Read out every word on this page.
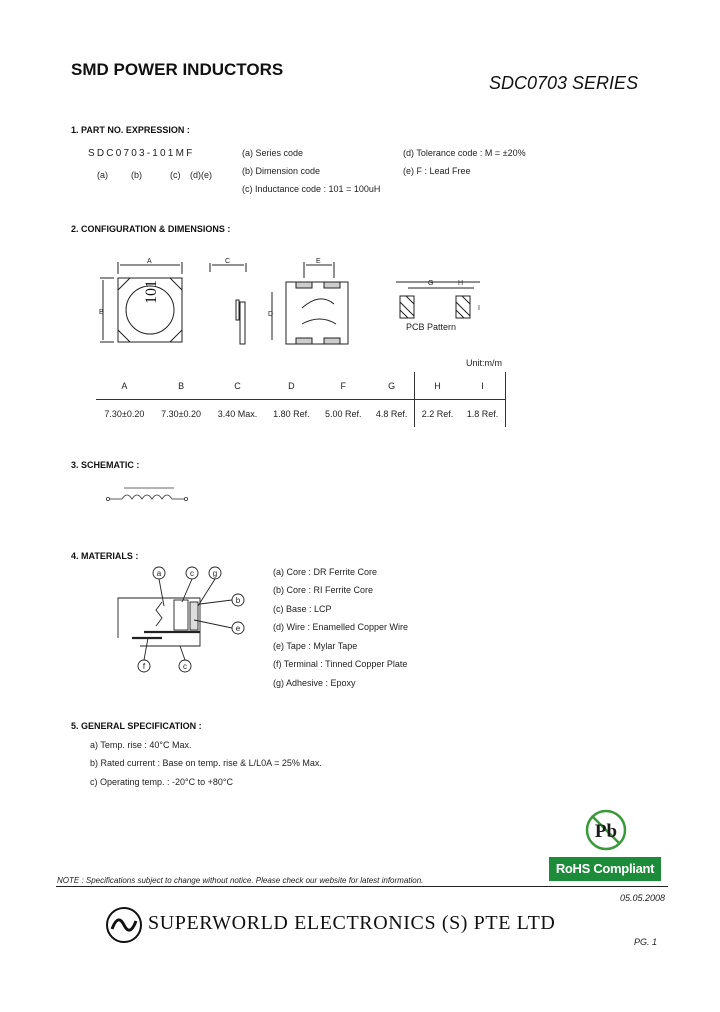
SMD POWER INDUCTORS
SDC0703 SERIES
1. PART NO. EXPRESSION :
SDC0703-101MF
(a)	(b)	(c) (d)(e)
(a) Series code
(b) Dimension code
(c) Inductance code : 101 = 100uH
(d) Tolerance code : M = ±20%
(e) F : Lead Free
2. CONFIGURATION & DIMENSIONS :
A
B
C	E
D
G	H
I
101
PCB Pattern
Unit:m/m
A	B	C	D	F	G	H	I
7.30±0.20	7.30±0.20	3.40 Max.	1.80 Ref.	5.00 Ref.	4.8 Ref.	2.2 Ref.	1.8 Ref.
3. SCHEMATIC :
4. MATERIALS :
a	c g
b
e
f	c
(a) Core : DR Ferrite Core
(b) Core : RI Ferrite Core
(c) Base : LCP
(d) Wire : Enamelled Copper Wire
(e) Tape : Mylar Tape
(f) Terminal : Tinned Copper Plate
(g) Adhesive : Epoxy
5. GENERAL SPECIFICATION :
a) Temp. rise : 40°C Max.
b) Rated current : Base on temp. rise & L/L0A = 25% Max.
c) Operating temp. : -20°C to +80°C
Pb
RoHS Compliant
NOTE : Specifications subject to change without notice. Please check our website for latest information.
05.05.2008
SUPERWORLD ELECTRONICS (S) PTE LTD
PG. 1
